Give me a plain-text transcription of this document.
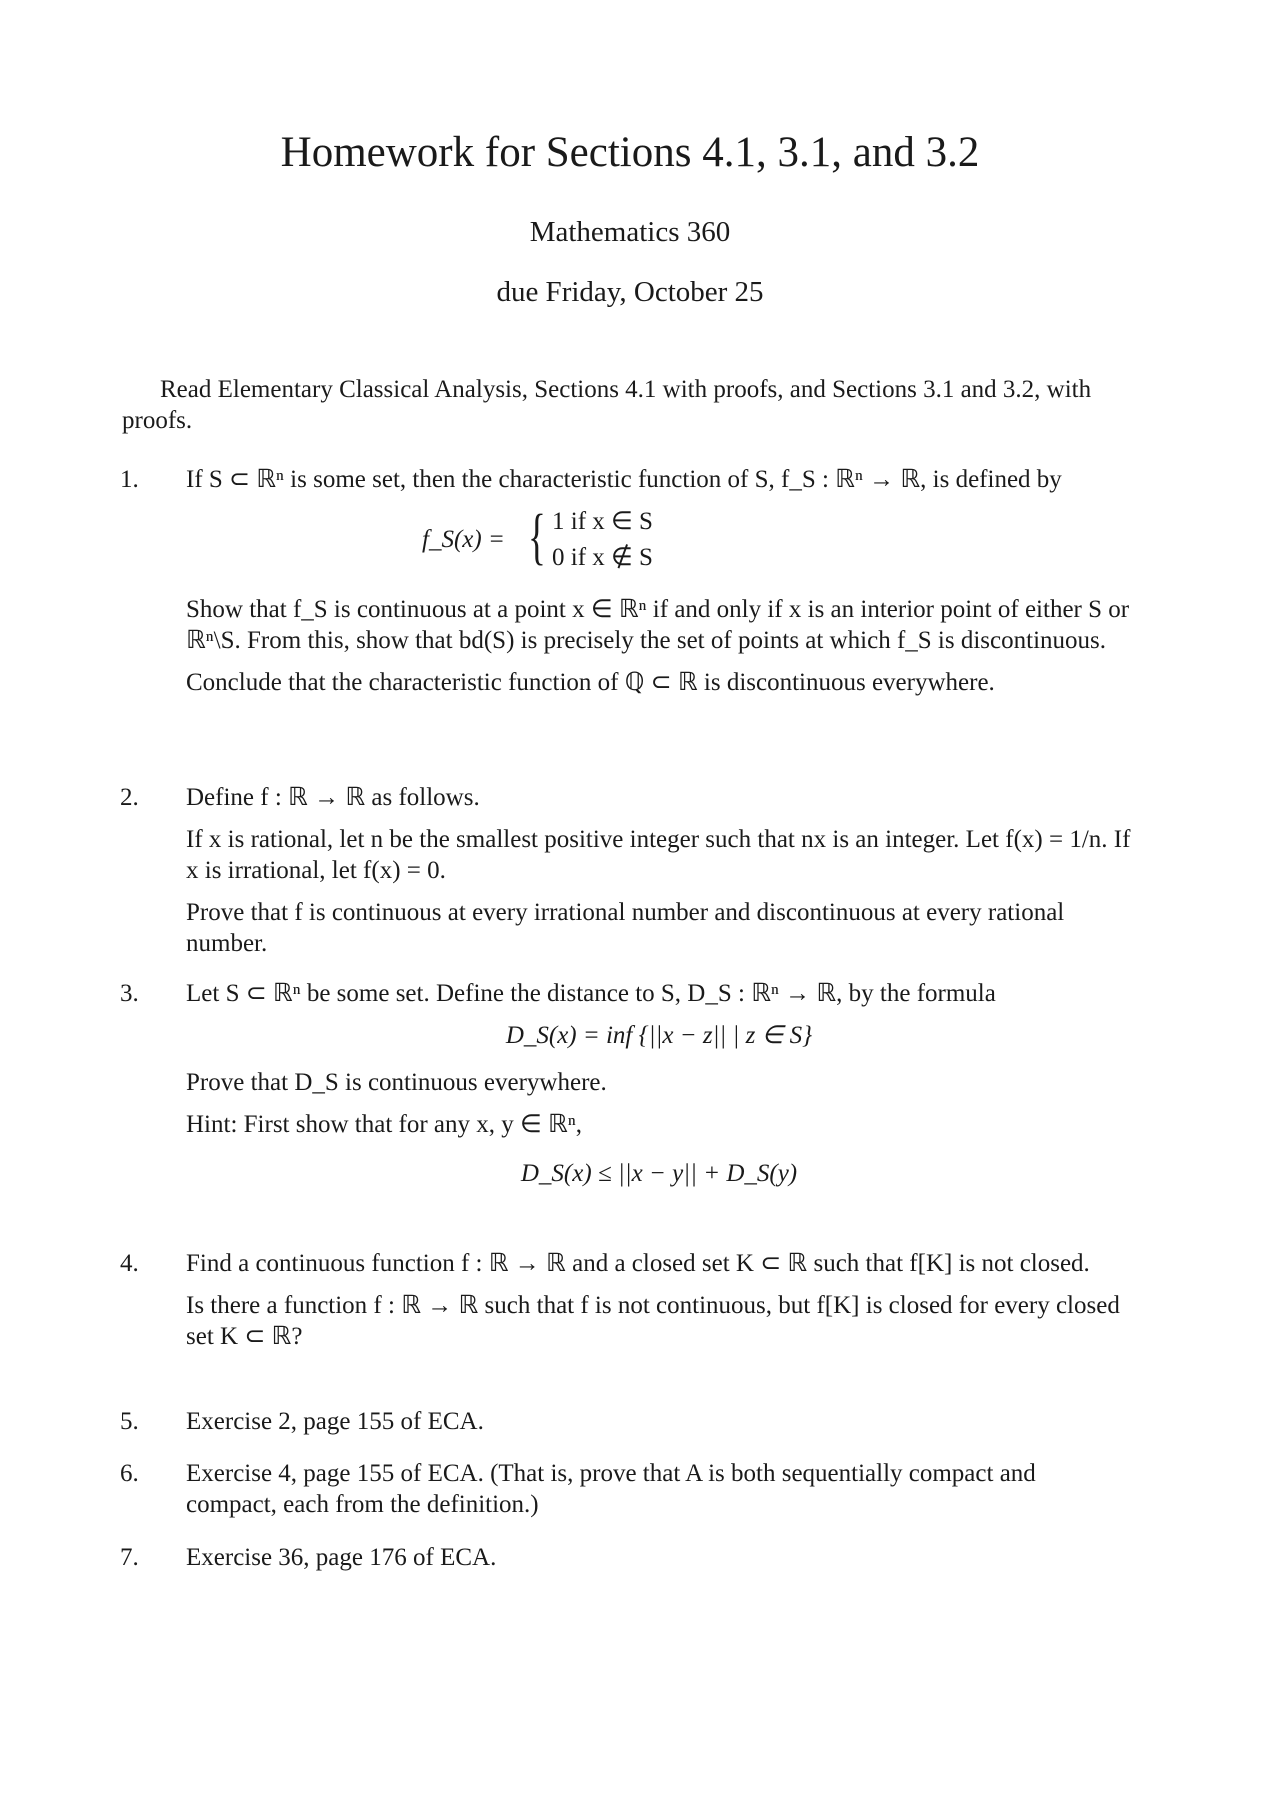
Homework for Sections 4.1, 3.1, and 3.2
Mathematics 360
due Friday, October 25
Read Elementary Classical Analysis, Sections 4.1 with proofs, and Sections 3.1 and 3.2, with proofs.
1. If S ⊂ ℝⁿ is some set, then the characteristic function of S, f_S : ℝⁿ → ℝ, is defined by

f_S(x) = { 1 if x ∈ S
0 if x ∉ S

Show that f_S is continuous at a point x ∈ ℝⁿ if and only if x is an interior point of either S or ℝⁿ\S. From this, show that bd(S) is precisely the set of points at which f_S is discontinuous.

Conclude that the characteristic function of ℚ ⊂ ℝ is discontinuous everywhere.

2. Define f : ℝ → ℝ as follows.

If x is rational, let n be the smallest positive integer such that nx is an integer. Let f(x) = 1/n. If x is irrational, let f(x) = 0.

Prove that f is continuous at every irrational number and discontinuous at every rational number.

3. Let S ⊂ ℝⁿ be some set. Define the distance to S, D_S : ℝⁿ → ℝ, by the formula

D_S(x) = inf {||x − z|| | z ∈ S}

Prove that D_S is continuous everywhere.

Hint: First show that for any x, y ∈ ℝⁿ,

D_S(x) ≤ ||x − y|| + D_S(y)
4. Find a continuous function f : ℝ → ℝ and a closed set K ⊂ ℝ such that f[K] is not closed.

Is there a function f : ℝ → ℝ such that f is not continuous, but f[K] is closed for every closed set K ⊂ ℝ?

5. Exercise 2, page 155 of ECA.

6. Exercise 4, page 155 of ECA. (That is, prove that A is both sequentially compact and compact, each from the definition.)

7. Exercise 36, page 176 of ECA.
